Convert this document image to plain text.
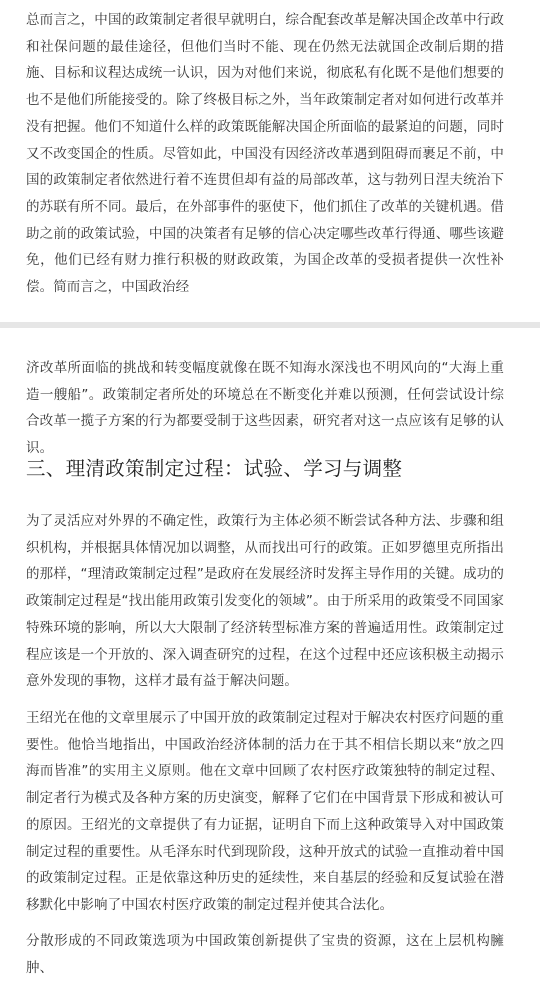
总而言之，中国的政策制定者很早就明白，综合配套改革是解决国企改革中行政和社保问题的最佳途径，但他们当时不能、现在仍然无法就国企改制后期的措施、目标和议程达成统一认识，因为对他们来说，彻底私有化既不是他们想要的也不是他们所能接受的。除了终极目标之外，当年政策制定者对如何进行改革并没有把握。他们不知道什么样的政策既能解决国企所面临的最紧迫的问题，同时又不改变国企的性质。尽管如此，中国没有因经济改革遇到阻碍而裹足不前，中国的政策制定者依然进行着不连贯但却有益的局部改革，这与勃列日涅夫统治下的苏联有所不同。最后，在外部事件的驱使下，他们抓住了改革的关键机遇。借助之前的政策试验，中国的决策者有足够的信心决定哪些改革行得通、哪些该避免，他们已经有财力推行积极的财政政策，为国企改革的受损者提供一次性补偿。简而言之，中国政治经

济改革所面临的挑战和转变幅度就像在既不知海水深浅也不明风向的“大海上重造一艘船”。政策制定者所处的环境总在不断变化并难以预测，任何尝试设计综合改革一揽子方案的行为都要受制于这些因素，研究者对这一点应该有足够的认识。

三、理清政策制定过程：试验、学习与调整

为了灵活应对外界的不确定性，政策行为主体必须不断尝试各种方法、步骤和组织机构，并根据具体情况加以调整，从而找出可行的政策。正如罗德里克所指出的那样，“理清政策制定过程”是政府在发展经济时发挥主导作用的关键。成功的政策制定过程是“找出能用政策引发变化的领域”。由于所采用的政策受不同国家特殊环境的影响，所以大大限制了经济转型标准方案的普遍适用性。政策制定过程应该是一个开放的、深入调查研究的过程，在这个过程中还应该积极主动揭示意外发现的事物，这样才最有益于解决问题。

王绍光在他的文章里展示了中国开放的政策制定过程对于解决农村医疗问题的重要性。他恰当地指出，中国政治经济体制的活力在于其不相信长期以来“放之四海而皆准”的实用主义原则。他在文章中回顾了农村医疗政策独特的制定过程、制定者行为模式及各种方案的历史演变，解释了它们在中国背景下形成和被认可的原因。王绍光的文章提供了有力证据，证明自下而上这种政策导入对中国政策制定过程的重要性。从毛泽东时代到现阶段，这种开放式的试验一直推动着中国的政策制定过程。正是依靠这种历史的延续性，来自基层的经验和反复试验在潜移默化中影响了中国农村医疗政策的制定过程并使其合法化。

分散形成的不同政策选项为中国政策创新提供了宝贵的资源，这在上层机构臃肿、
